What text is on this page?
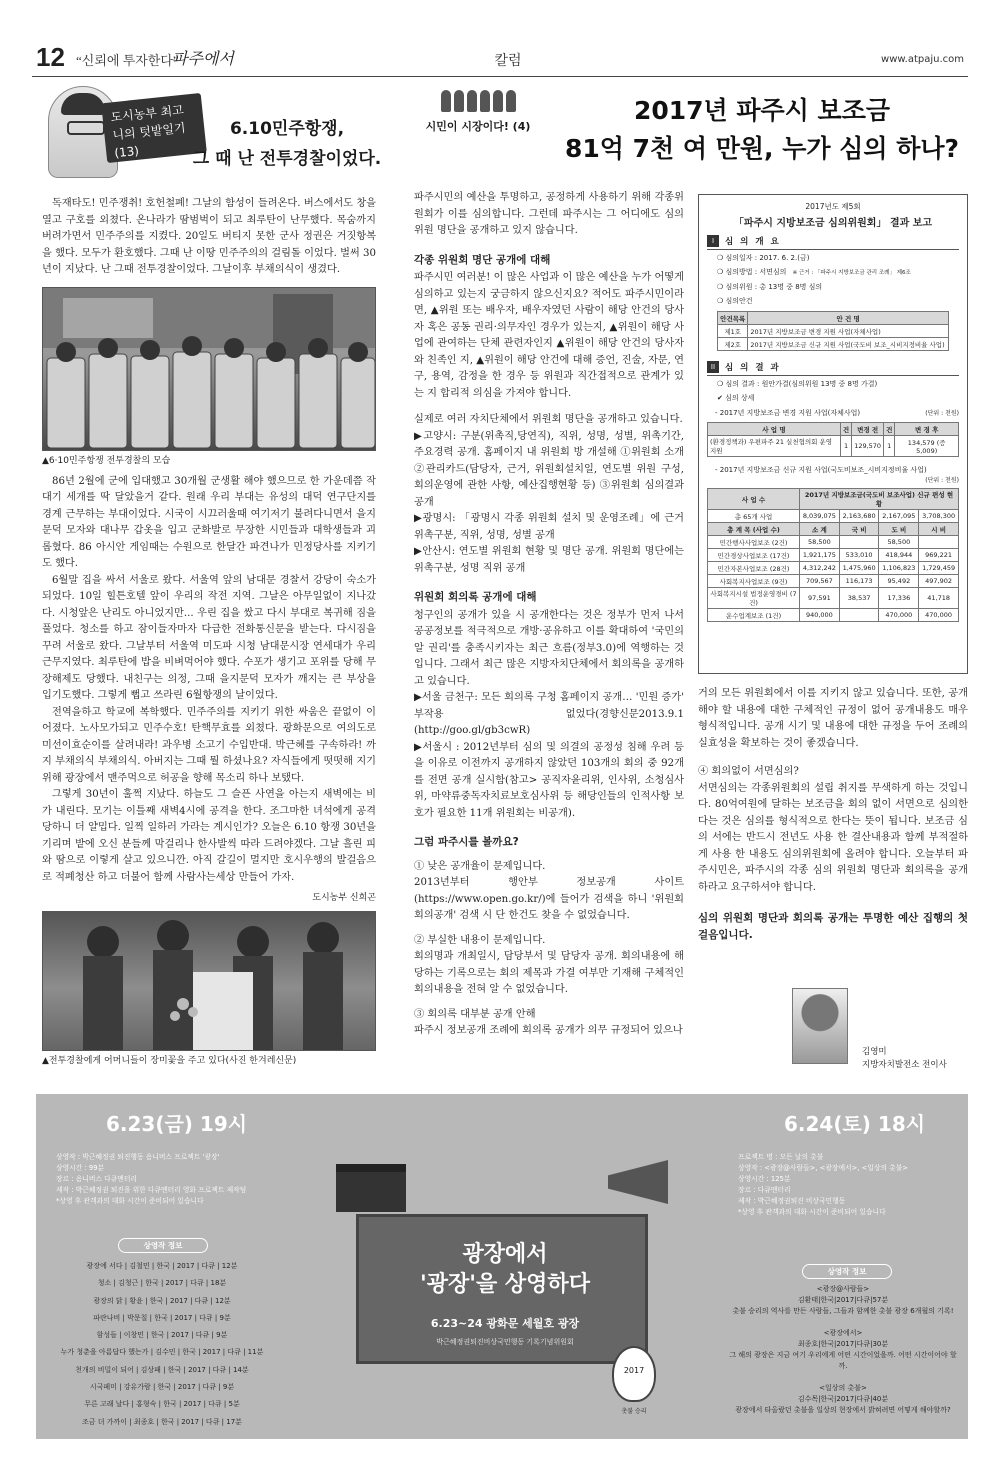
12 “신뢰에 투자한다”
파주에서	칼럼	www.atpaju.com
도시농부 최고니의 텃밭일기 (13)
6.10민주항쟁,
그 때 난 전투경찰이었다.

독재타도! 민주쟁취! 호헌철폐! 그날의 함성이 들려온다. 버스에서도 창을 열고 구호를 외쳤다. 온나라가 땀범벅이 되고 최루탄이 난무했다. 목숨까지 버려가면서 민주주의를 지켰다. 20일도 버티지 못한 군사 정권은 거짓항복을 했다. 모두가 환호했다. 그때 난 이땅 민주주의의 걸림돌 이었다. 벌써 30년이 지났다. 난 그때 전투경찰이었다. 그날이후 부채의식이 생겼다.

▲6·10민주항쟁 전투경찰의 모습

86년 2월에 군에 입대했고 30개월 군생활 해야 했으므로 한 가운데쯤 작대기 세개를 딱 달았을거 같다. 원래 우리 부대는 유성의 대덕 연구단지를 경계 근무하는 부대이었다. 시국이 시끄러울때 여기저기 불려다니면서 을지문덕 모자와 대나무 갑옷을 입고 군화발로 무장한 시민들과 대학생들과 괴롭혔다. 86 아시안 게임때는 수원으로 한달간 파견나가 민정당사를 지키기도 했다.

6월말 집을 싸서 서울로 왔다. 서울역 앞의 남대문 경찰서 강당이 숙소가 되었다. 10일 힐튼호텔 앞이 우리의 작전 지역. 그날은 아무일없이 지나갔다. 시청앞은 난리도 아니었지만... 우린 집을 쌌고 다시 부대로 복귀해 짐을 풀었다. 청소를 하고 잠이들자마자 다급한 전화통신문을 받는다. 다시짐을 꾸려 서울로 왔다. 그날부터 서울역 미도파 시청 남대문시장 연세대가 우리 근무지였다. 최루탄에 밥을 비벼먹어야 했다. 수포가 생기고 포위를 당해 무장해제도 당했다. 내친구는 의정, 그때 을지문덕 모자가 깨지는 큰 부상을 입기도했다. 그렇게 뻡고 쓰라린 6월항쟁의 날이었다.

전역을하고 학교에 복학했다. 민주주의를 지키기 위한 싸움은 끝없이 이어졌다. 노사모가되고 민주수호! 탄핵무효를 외쳤다. 광화문으로 여의도로 미선이효순이를 살려내라! 과우병 소고기 수입반대. 박근혜를 구속하라! 까지 부채의식 부채의식. 아버지는 그때 뭘 하셨나요? 자식들에게 떳떳해 지기위해 광장에서 맨주먹으로 허공을 향해 목소리 하나 보탰다.

그렇게 30년이 훌쩍 지났다. 하늘도 그 슬픈 사연을 아는지 새벽에는 비가 내린다. 모기는 이틀째 새벽4시에 공격을 한다. 조그마한 녀석에게 공격 당하니 더 얄밉다. 일찍 일하러 가라는 계시인가? 오늘은 6.10 항쟁 30년을 기리며 밭에 오신 분들께 막걸리나 한사발씩 따라 드려야겠다. 그날 흘린 피와 땀으로 이렇게 살고 있으니깐. 아직 갈길이 멀지만 호시우행의 발걸음으로 적폐청산 하고 더불어 함께 사람사는세상 만들어 가자.

도시농부 신희곤
▲전투경찰에게 어머니들이 장미꽃을 주고 있다(사진 한겨레신문)
시민이 시장이다! (4)
2017년 파주시 보조금
81억 7천 여 만원, 누가 심의 하나?
파주시민의 예산을 투명하고, 공정하게 사용하기 위해 각종위원회가 이를 심의합니다. 그런데 파주시는 그 어디에도 심의위원 명단을 공개하고 있지 않습니다.
각종 위원회 명단 공개에 대해
파주시민 여러분! 이 많은 사업과 이 많은 예산을 누가 어떻게 심의하고 있는지 궁금하지 않으신지요? 적어도 파주시민이라면, ▲위원 또는 배우자, 배우자였던 사람이 해당 안건의 당사자 혹은 공동 권리·의무자인 경우가 있는지, ▲위원이 해당 사업에 관여하는 단체 관련자인지 ▲위원이 해당 안건의 당사자와 친족인 지, ▲위원이 해당 안건에 대해 증언, 진술, 자문, 연구, 용역, 감정을 한 경우 등 위원과 직간접적으로 관계가 있는 지 합리적 의심을 가져야 합니다.
실제로 여러 자치단체에서 위원회 명단을 공개하고 있습니다.
▶고양시: 구분(위촉직,당연직), 직위, 성명, 성별, 위촉기간, 주요경력 공개. 홈페이지 내 위원회 방 개설해 ①위원회 소개 ②관리카드(담당자, 근거, 위원회설치일, 연도별 위원 구성, 회의운영에 관한 사항, 예산집행현황 등) ③위원회 심의결과 공개
▶광명시: 「광명시 각종 위원회 설치 및 운영조례」에 근거 위촉구분, 직위, 성명, 성별 공개
▶안산시: 연도별 위원회 현황 및 명단 공개. 위원회 명단에는 위촉구분, 성명 직위 공개
위원회 회의록 공개에 대해
청구인의 공개가 있을 시 공개한다는 것은 정부가 먼저 나서 공공정보를 적극적으로 개방·공유하고 이를 확대하여 '국민의 알 권리'를 충족시키자는 최근 흐름(정부3.0)에 역행하는 것입니다. 그래서 최근 많은 지방자치단체에서 회의록을 공개하고 있습니다.
▶서울 금천구: 모든 회의록 구청 홈페이지 공개… '민원 증가' 부작용 없었다(경향신문2013.9.1 (http://goo.gl/gb3cwR)
▶서울시 : 2012년부터 심의 및 의결의 공정성 침해 우려 등을 이유로 이전까지 공개하지 않았던 103개의 회의 중 92개를 전면 공개 실시함(참고> 공직자윤리위, 인사위, 소청심사위, 마약류중독자치료보호심사위 등 해당인들의 인적사항 보호가 필요한 11개 위원회는 비공개).
그럼 파주시를 볼까요?
① 낮은 공개율이 문제입니다.
2013년부터 행안부 정보공개 사이트(https://www.open.go.kr/)에 들어가 검색을 하니 '위원회 회의공개' 검색 시 단 한건도 찾을 수 없었습니다.
② 부실한 내용이 문제입니다.
회의명과 개최일시, 담당부서 및 담당자 공개. 회의내용에 해당하는 기록으로는 회의 제목과 가결 여부만 기재해 구체적인 회의내용을 전혀 알 수 없었습니다.
③ 회의록 대부분 공개 안해
파주시 정보공개 조례에 회의록 공개가 의무 규정되어 있으나
2017년도 제5회
「파주시 지방보조금 심의위원회」 결과 보고
I	심 의 개 요
❍ 심의일자 : 2017. 6. 2.(금)
❍ 심의방법 : 서면심의 ※ 근거 : 「파주시 지방보조금 관리 조례」 제6조
❍ 심의위원 : 총 13명 중 8명 심의
❍ 심의안건
안건목록	안 건 명
제1호	2017년 지방보조금 변경 지원 사업(자체사업)
제2호	2017년 지방보조금 신규 지원 사업(국도비 보조_시비지정비율 사업)
II	심 의 결 과
❍ 심의 결과 : 원안가결(심의위원 13명 중 8명 가결)
✔ 심의 상세
- 2017년 지방보조금 변경 지원 사업(자체사업)	(단위 : 천원)
사 업 명	건	변경 전	건	변 경 후
(환경정책과) 우편파주 21 실천협의회 운영 지원	1	129,570	1	134,579 (증 5,009)
- 2017년 지방보조금 신규 지원 사업(국도비보조_시비지정비율 사업)
(단위 : 천원)
사 업 수	2017년 지방보조금(국도비 보조사업) 신규 편성 현황			
총 65개 사업	8,039,075	2,163,680	2,167,095	3,708,300
총 계 목 (사업 수)	소 계	국 비	도 비	시 비
민간행사사업보조 (2건)	58,500		58,500	
민간경상사업보조 (17건)	1,921,175	533,010	418,944	969,221
민간자본사업보조 (28건)	4,312,242	1,475,960	1,106,823	1,729,459
사회복지사업보조 (9건)	709,567	116,173	95,492	497,902
사회복지시설 법정운영경비 (7건)	97,591	38,537	17,336	41,718
운수업계보조 (1건)	940,000		470,000	470,000
거의 모든 위원회에서 이를 지키지 않고 있습니다. 또한, 공개해야 할 내용에 대한 구체적인 규정이 없어 공개내용도 매우 형식적입니다. 공개 시기 및 내용에 대한 규정을 두어 조례의 실효성을 확보하는 것이 좋겠습니다.
④ 회의없이 서면심의?
서면심의는 각종위원회의 설립 취지를 무색하게 하는 것입니다. 80억여원에 달하는 보조금을 회의 없이 서면으로 심의한다는 것은 심의를 형식적으로 한다는 뜻이 됩니다. 보조금 심의 서에는 반드시 전년도 사용 한 결산내용과 함께 부적절하게 사용 한 내용도 심의위원회에 올려야 합니다. 오늘부터 파주시민은, 파주시의 각종 심의 위원회 명단과 회의록을 공개 하라고 요구하셔야 합니다.
심의 위원회 명단과 회의록 공개는 투명한 예산 집행의 첫걸음입니다.
김영미
지방자치발전소 전이사
6.23(금) 19시
상영작 : 박근혜정권 퇴진행동 옴니버스 프로젝트 '광장'
상영시간 : 99분
장르 : 옴니버스 다큐멘터리
제작 : 박근혜정권 퇴진을 위한 다큐멘터리 영화 프로젝트 제작팀
*상영 후 관객과의 대화 시간이 준비되어 있습니다
상영작 정보
광장에 서다 | 김철민 | 한국 | 2017 | 다큐 | 12분
청소 | 김청근 | 한국 | 2017 | 다큐 | 18분
광장의 닭 | 황윤 | 한국 | 2017 | 다큐 | 12분
파란나비 | 박문칠 | 한국 | 2017 | 다큐 | 9분
함성들 | 이창민 | 한국 | 2017 | 다큐 | 9분
누가 청춘을 아름답다 했는가 | 김수민 | 한국 | 2017 | 다큐 | 11분
천개의 비밀이 되어 | 김상패 | 한국 | 2017 | 다큐 | 14분
시국페미 | 강유가람 | 한국 | 2017 | 다큐 | 9분
무른 고래 날다 | 홍형숙 | 한국 | 2017 | 다큐 | 5분
조금 더 가까이 | 최종호 | 한국 | 2017 | 다큐 | 17분
광장에서
'광장'을 상영하다
6.23~24 광화문 세월호 광장
박근혜정권퇴진비상국민행동 기록기념위원회
2017
촛불 승리
6.24(토) 18시
프로젝트 명 : 모든 날의 촛불
상영작 : <광장@사람들>, <광장에서>, <일상의 촛불>
상영시간 : 125분
장르 : 다큐멘터리
제작 : 박근혜정권퇴진 비상국민행동
*상영 후 관객과의 대화 시간이 준비되어 있습니다
상영작 정보
<광장@사람들>
김환태|한국|2017|다큐|57분
촛불 승리의 역사를 만든 사람들, 그들과 함께한 촛불 광장 6개월의 기록!

<광장에서>
최종호|한국|2017|다큐|30분
그 해의 광장은 지금 여기 우리에게 어떤 시간이었을까. 어떤 시간이어야 할까.

<일상의 촛불>
김수목|한국|2017|다큐|40분
광장에서 타올랐던 촛불을 일상의 현장에서 밝혀려면 어떻게 해야할까?
